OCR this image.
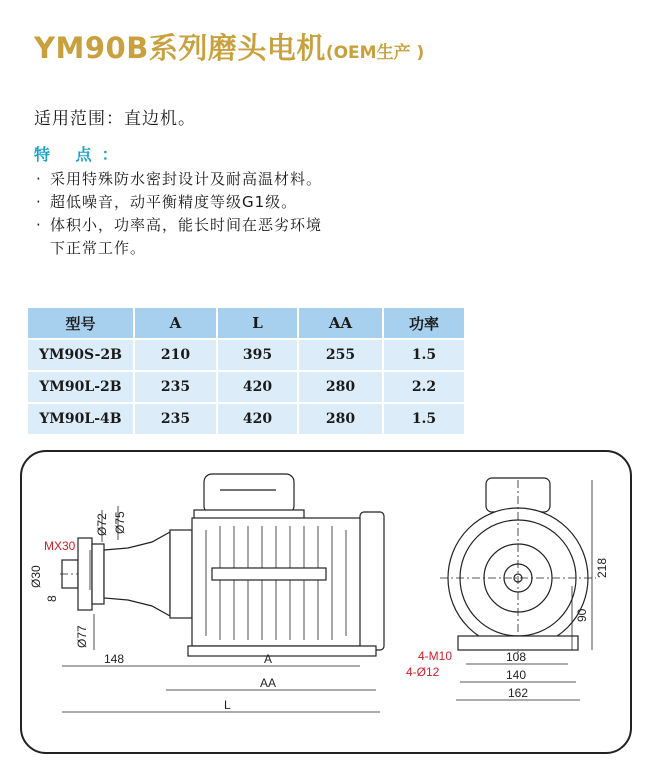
YM90B系列磨头电机(OEM生产 )
适用范围：直边机。
特 点：
· 采用特殊防水密封设计及耐高温材料。
· 超低噪音，动平衡精度等级G1级。
· 体积小，功率高，能长时间在恶劣环境
下正常工作。
型号	A	L	AA	功率
YM90S-2B	210	395	255	1.5
YM90L-2B	235	420	280	2.2
YM90L-4B	235	420	280	1.5
MX30
Ø72 Ø75
Ø30
8
Ø77
148	A
AA
L
218
90
4-M10
4-Ø12
108
140
162
